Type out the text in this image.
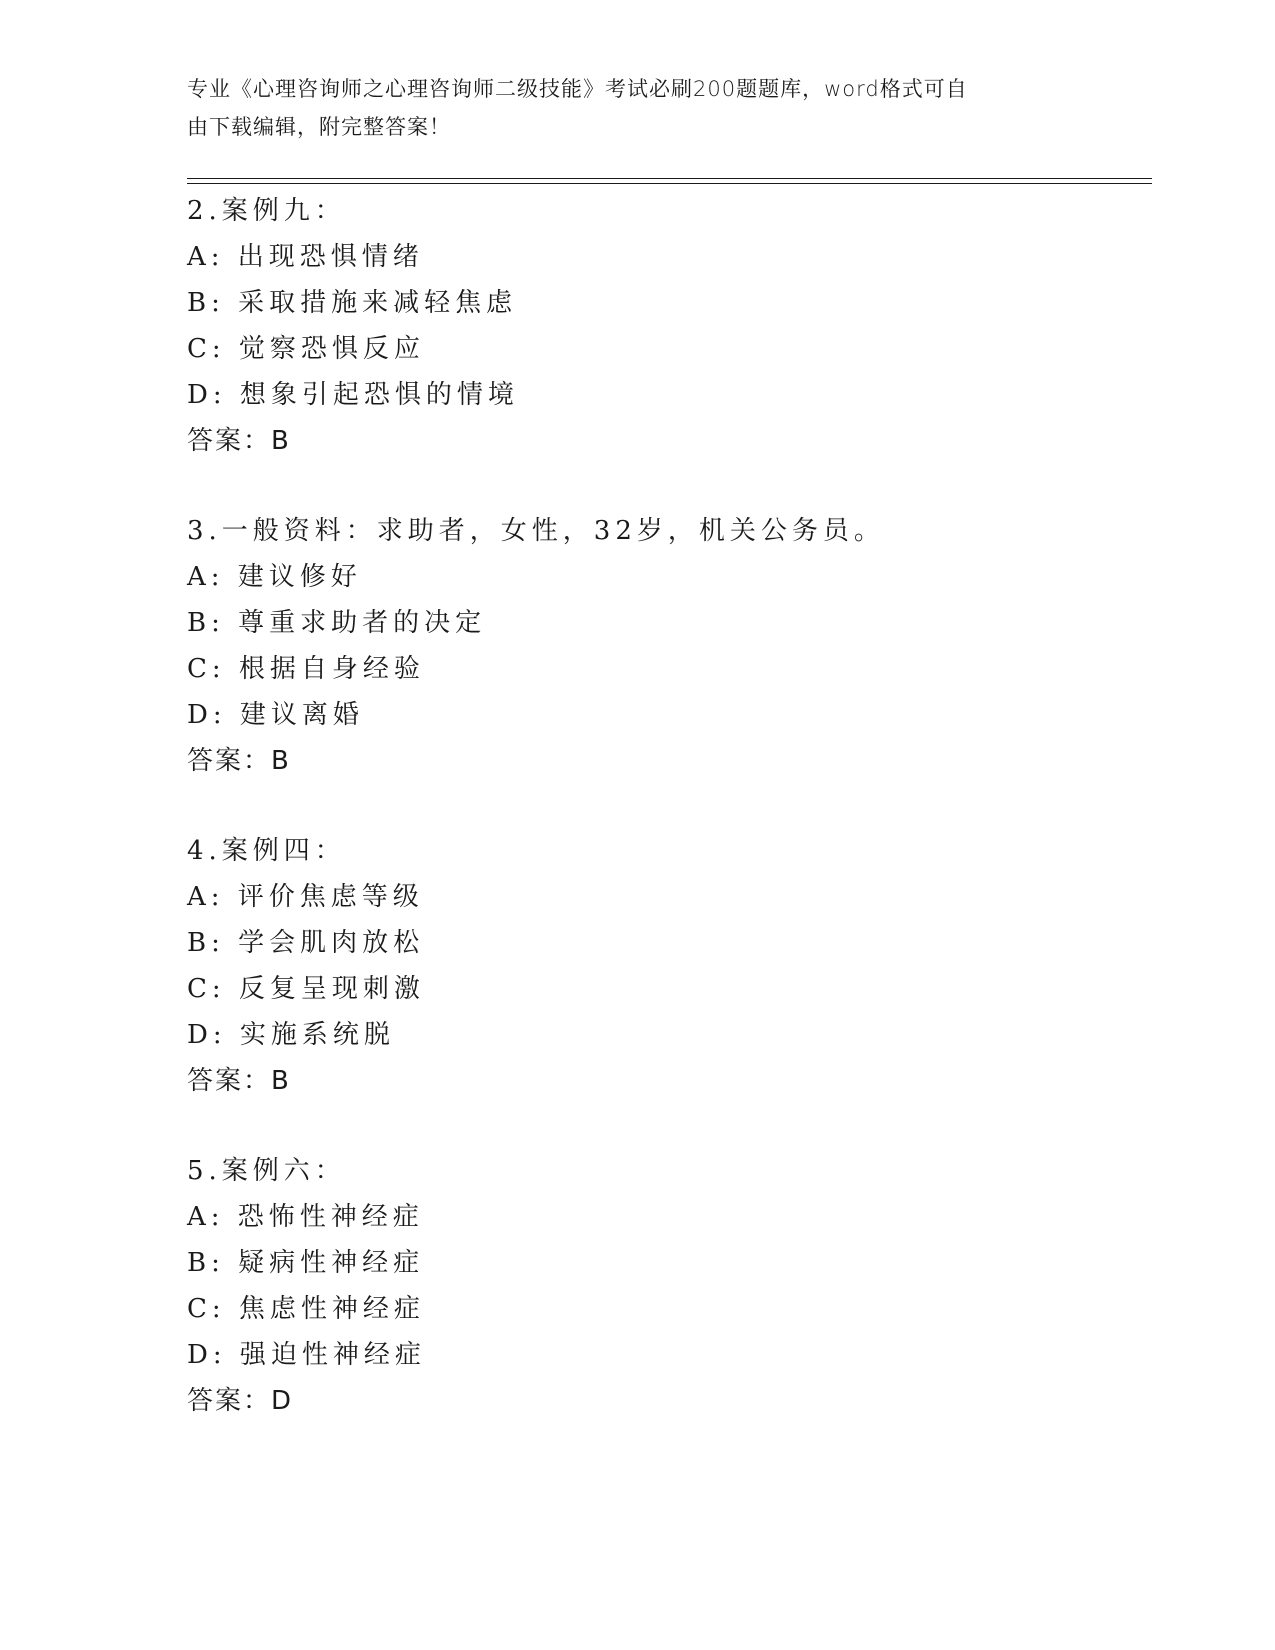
专业《心理咨询师之心理咨询师二级技能》考试必刷200题题库，word格式可自
由下载编辑，附完整答案！
2.案例九：
A: 出现恐惧情绪
B: 采取措施来减轻焦虑
C: 觉察恐惧反应
D: 想象引起恐惧的情境
答案：B
3.一般资料：求助者，女性，32岁，机关公务员。
A: 建议修好
B: 尊重求助者的决定
C: 根据自身经验
D: 建议离婚
答案：B
4.案例四：
A: 评价焦虑等级
B: 学会肌肉放松
C: 反复呈现刺激
D: 实施系统脱
答案：B
5.案例六：
A: 恐怖性神经症
B: 疑病性神经症
C: 焦虑性神经症
D: 强迫性神经症
答案：D
